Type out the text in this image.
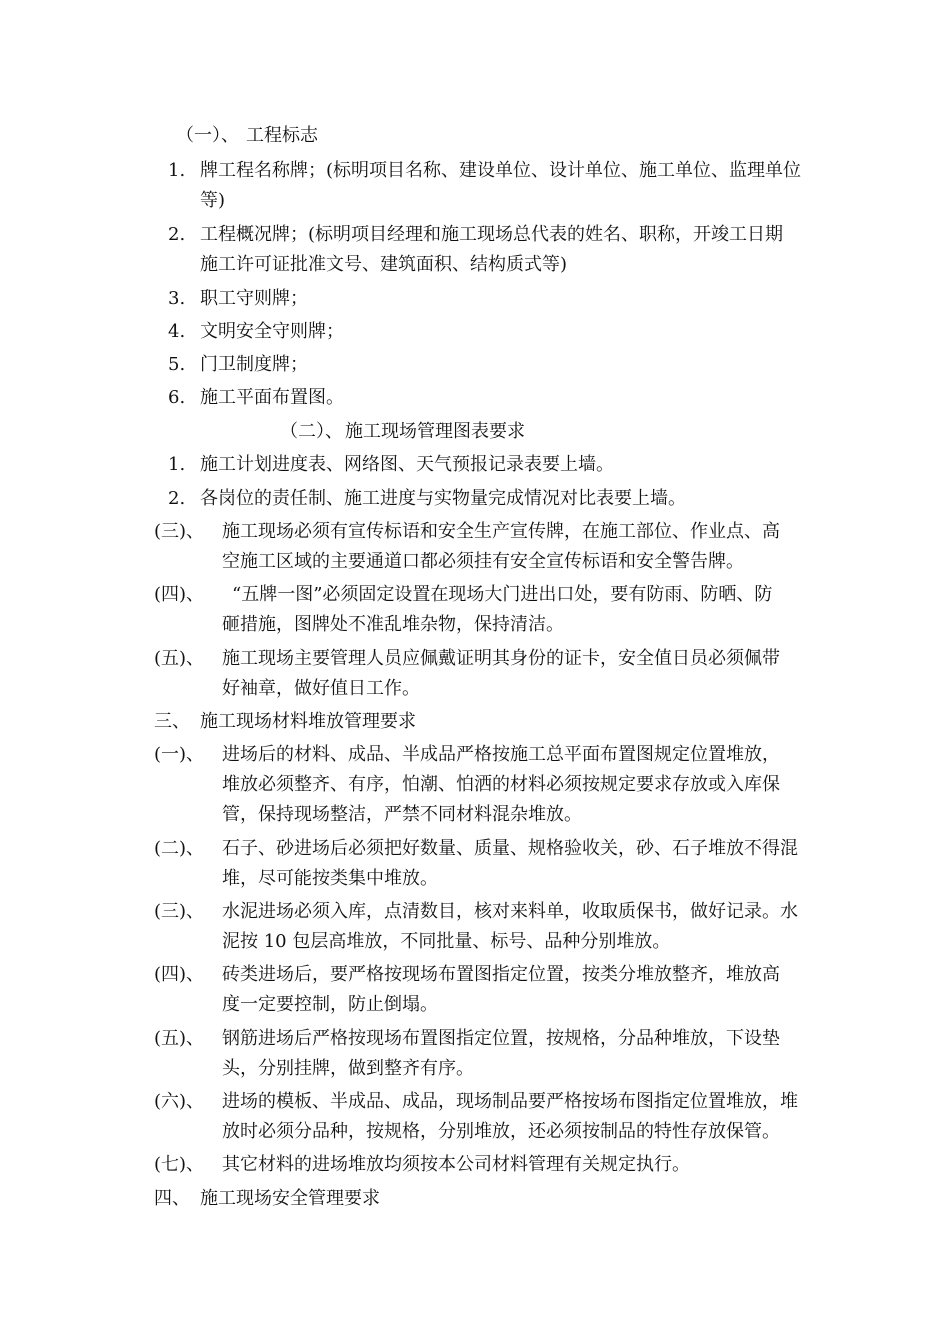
（一）、 工程标志
1. 牌工程名称牌；(标明项目名称、建设单位、设计单位、施工单位、监理单位
等)
2. 工程概况牌；(标明项目经理和施工现场总代表的姓名、职称，开竣工日期
施工许可证批准文号、建筑面积、结构质式等)
3. 职工守则牌；
4. 文明安全守则牌；
5. 门卫制度牌；
6. 施工平面布置图。
（二）、 施工现场管理图表要求
1. 施工计划进度表、网络图、天气预报记录表要上墙。
2. 各岗位的责任制、施工进度与实物量完成情况对比表要上墙。
(三)、 施工现场必须有宣传标语和安全生产宣传牌，在施工部位、作业点、高
空施工区域的主要通道口都必须挂有安全宣传标语和安全警告牌。
(四)、 “五牌一图”必须固定设置在现场大门进出口处，要有防雨、防晒、防
砸措施，图牌处不准乱堆杂物，保持清洁。
(五)、 施工现场主要管理人员应佩戴证明其身份的证卡，安全值日员必须佩带
好袖章，做好值日工作。
三、 施工现场材料堆放管理要求
(一)、 进场后的材料、成品、半成品严格按施工总平面布置图规定位置堆放，
堆放必须整齐、有序，怕潮、怕洒的材料必须按规定要求存放或入库保
管，保持现场整洁，严禁不同材料混杂堆放。
(二)、 石子、砂进场后必须把好数量、质量、规格验收关，砂、石子堆放不得混
堆，尽可能按类集中堆放。
(三)、 水泥进场必须入库，点清数目，核对来料单，收取质保书，做好记录。水
泥按 10 包层高堆放，不同批量、标号、品种分别堆放。
(四)、 砖类进场后，要严格按现场布置图指定位置，按类分堆放整齐，堆放高
度一定要控制，防止倒塌。
(五)、 钢筋进场后严格按现场布置图指定位置，按规格，分品种堆放，下设垫
头，分别挂牌，做到整齐有序。
(六)、 进场的模板、半成品、成品，现场制品要严格按场布图指定位置堆放，堆
放时必须分品种，按规格，分别堆放，还必须按制品的特性存放保管。
(七)、 其它材料的进场堆放均须按本公司材料管理有关规定执行。
四、 施工现场安全管理要求
